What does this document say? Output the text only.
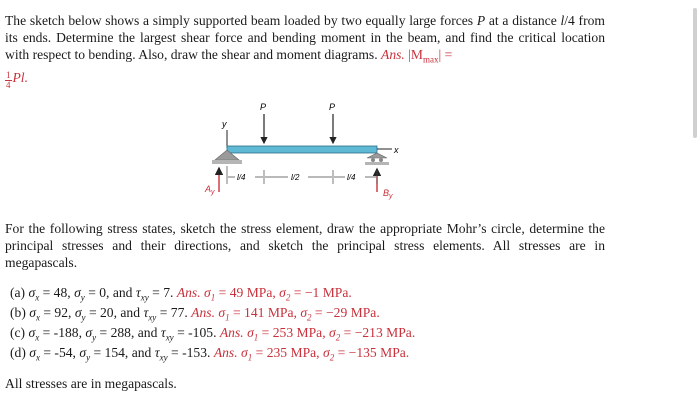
The sketch below shows a simply supported beam loaded by two equally large forces P at a distance l/4 from its ends. Determine the largest shear force and bending moment in the beam, and find the critical location with respect to bending. Also, draw the shear and moment diagrams. Ans. $|M_{max}|$ =

$\frac{1}{4} Pl$.
y
x
P	P
$A_y$	$B_y$
l/4	l/2	l/4
For the following stress states, sketch the stress element, draw the appropriate Mohr’s circle, determine the principal stresses and their directions, and sketch the principal stress elements. All stresses are in megapascals.
(a) $\sigma_x = 48$, $\sigma_y = 0$, and $\tau_{xy} = 7$. Ans. $\sigma_1 = 49$ MPa, $\sigma_2 = -1$ MPa.
(b) $\sigma_x = 92$, $\sigma_y = 20$, and $\tau_{xy} = 77$. Ans. $\sigma_1 = 141$ MPa, $\sigma_2 = -29$ MPa.
(c) $\sigma_x = -188$, $\sigma_y = 288$, and $\tau_{xy} = -105$. Ans. $\sigma_1 = 253$ MPa, $\sigma_2 = -213$ MPa.
(d) $\sigma_x = -54$, $\sigma_y = 154$, and $\tau_{xy} = -153$. Ans. $\sigma_1 = 235$ MPa, $\sigma_2 = -135$ MPa.
All stresses are in megapascals.
